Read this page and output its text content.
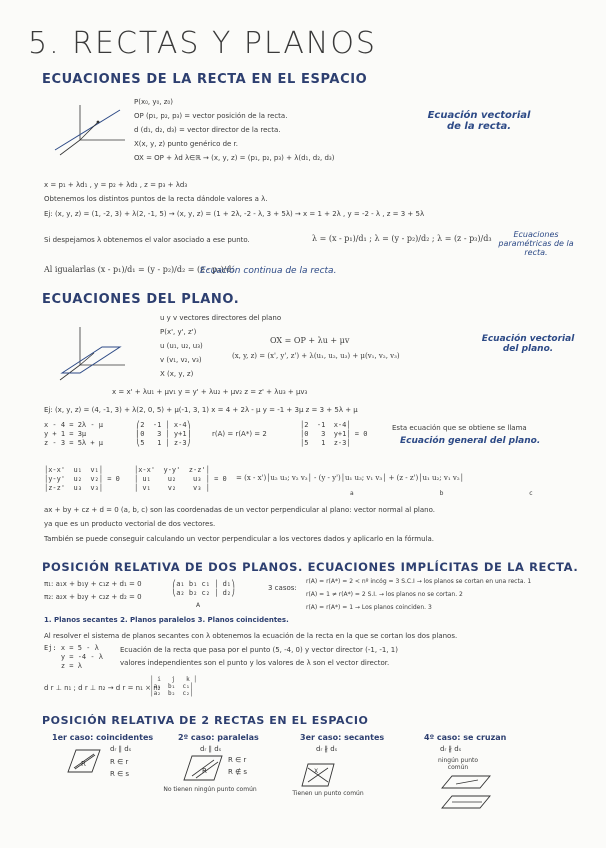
5. RECTAS Y PLANOS
ECUACIONES DE LA RECTA EN EL ESPACIO
P(x₀, y₀, z₀)
OP (p₁, p₂, p₃) = vector posición de la recta.
d (d₁, d₂, d₃) = vector director de la recta.
X(x, y, z) punto genérico de r.
OX = OP + λd λ∈ℝ → (x, y, z) = (p₁, p₂, p₃) + λ(d₁, d₂, d₃)
Ecuación vectorial de la recta.
x = p₁ + λd₁ , y = p₂ + λd₂ , z = p₃ + λd₃
Obtenemos los distintos puntos de la recta dándole valores a λ.
Ej: (x, y, z) = (1, -2, 3) + λ(2, -1, 5) → (x, y, z) = (1 + 2λ, -2 - λ, 3 + 5λ) → x = 1 + 2λ , y = -2 - λ , z = 3 + 5λ
Si despejamos λ obtenemos el valor asociado a ese punto.	λ = (x - p₁)/d₁ ; λ = (y - p₂)/d₂ ; λ = (z - p₃)/d₃	Ecuaciones paramétricas de la recta.
Al igualarlas (x - p₁)/d₁ = (y - p₂)/d₂ = (z - p₃)/d₃
Ecuación continua de la recta.
ECUACIONES DEL PLANO.
u y v vectores directores del plano
P(x', y', z')
u (u₁, u₂, u₃)
v (v₁, v₂, v₃)
X (x, y, z)
OX = OP + λu + μv
(x, y, z) = (x', y', z') + λ(u₁, u₂, u₃) + μ(v₁, v₂, v₃)
Ecuación vectorial del plano.
x = x' + λu₁ + μv₁ y = y' + λu₂ + μv₂ z = z' + λu₃ + μv₃
Ej: (x, y, z) = (4, -1, 3) + λ(2, 0, 5) + μ(-1, 3, 1) x = 4 + 2λ - μ y = -1 + 3μ z = 3 + 5λ + μ
x - 4 = 2λ - μ
y + 1 = 3μ
z - 3 = 5λ + μ
⎛2  -1 │ x-4⎞
⎜0   3 │ y+1⎟
⎝5   1 │ z-3⎠
r(A) = r(A*) = 2
│2  -1  x-4│
│0   3  y+1│ = 0
│5   1  z-3│
Esta ecuación que se obtiene se llama
Ecuación general del plano.
│x-x'  u₁  v₁│
│y-y'  u₂  v₂│ = 0
│z-z'  u₃  v₃│
│x-x'  y-y'  z-z'│
│ u₁    u₂    u₃ │ = 0
│ v₁    v₂    v₃ │
= (x - x')│u₂ u₃; v₂ v₃│ - (y - y')│u₁ u₃; v₁ v₃│ + (z - z')│u₁ u₂; v₁ v₂│
a b c
ax + by + cz + d = 0 (a, b, c) son las coordenadas de un vector perpendicular al plano: vector normal al plano.
ya que es un producto vectorial de dos vectores.
También se puede conseguir calculando un vector perpendicular a los vectores dados y aplicarlo en la fórmula.
POSICIÓN RELATIVA DE DOS PLANOS. ECUACIONES IMPLÍCITAS DE LA RECTA.
π₁: a₁x + b₁y + c₁z + d₁ = 0
π₂: a₂x + b₂y + c₂z + d₂ = 0
⎛a₁ b₁ c₁ │ d₁⎞
⎝a₂ b₂ c₂ │ d₂⎠
A
3 casos:
r(A) = r(A*) = 2 < nº incóg = 3 S.C.I → los planos se cortan en una recta. 1
r(A) = 1 ≠ r(A*) = 2 S.I. → los planos no se cortan. 2
r(A) = r(A*) = 1 → Los planos coinciden. 3
1. Planos secantes 2. Planos paralelos 3. Planos coincidentes.
Al resolver el sistema de planos secantes con λ obtenemos la ecuación de la recta en la que se cortan los dos planos.
Ej: x = 5 - λ
y = -4 - λ
z = λ
Ecuación de la recta que pasa por el punto (5, -4, 0) y vector director (-1, -1, 1)
valores independientes son el punto y los valores de λ son el vector director.
d r ⊥ n₁ ; d r ⊥ n₂ → d r = n₁ × n₂
│ i   j   k │
│a₁  b₁  c₁│
│a₂  b₂  c₂│
POSICIÓN RELATIVA DE 2 RECTAS EN EL ESPACIO
1er caso: coincidentes
dᵣ ∥ dₛ
R ∈ r
R ∈ s
R
2º caso: paralelas
dᵣ ∥ dₛ
R ∈ r
R ∉ s
R
No tienen ningún punto común
3er caso: secantes
dᵣ ∦ dₛ
X
Tienen un punto común
4º caso: se cruzan
dᵣ ∦ dₛ
ningún punto común
